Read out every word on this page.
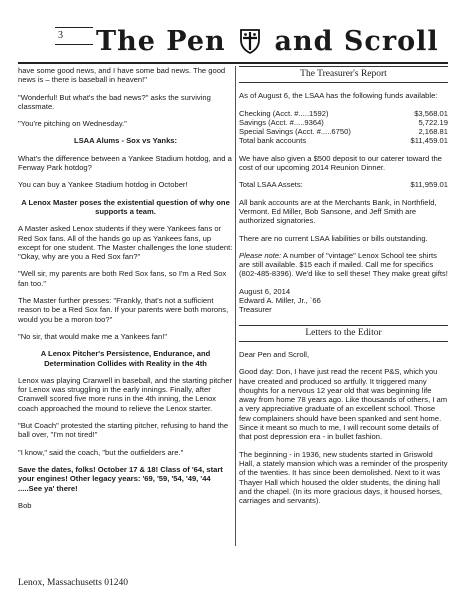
3 The Pen and Scroll

have some good news, and I have some bad news. The good news is – there is baseball in heaven!"

"Wonderful! But what's the bad news?" asks the surviving classmate.

"You're pitching on Wednesday."

LSAA Alums - Sox vs Yanks:

What's the difference between a Yankee Stadium hotdog, and a Fenway Park hotdog?

You can buy a Yankee Stadium hotdog in October!

A Lenox Master poses the existential question of why one supports a team.

A Master asked Lenox students if they were Yankees fans or Red Sox fans. All of the hands go up as Yankees fans, up except for one student. The Master challenges the lone student: "Okay, why are you a Red Sox fan?"

"Well sir, my parents are both Red Sox fans, so I'm a Red Sox fan too."

The Master further presses: "Frankly, that's not a sufficient reason to be a Red Sox fan. If your parents were both morons, would you be a moron too?"

"No sir, that would make me a Yankees fan!"

A Lenox Pitcher's Persistence, Endurance, and Determination Collides with Reality in the 4th

Lenox was playing Cranwell in baseball, and the starting pitcher for Lenox was struggling in the early innings. Finally, after Cranwell scored five more runs in the 4th inning, the Lenox coach approached the mound to relieve the Lenox starter.

"But Coach" protested the starting pitcher, refusing to hand the ball over, "I'm not tired!"

"I know," said the coach, "but the outfielders are."

Save the dates, folks! October 17 & 18! Class of '64, start your engines! Other legacy years: '69, '59, '54, '49, '44 .....See ya' there!

Bob

The Treasurer's Report

As of August 6, the LSAA has the following funds available:

Checking (Acct. #.....1592)	$3,568.01
Savings (Acct. #.....9364)	5,722.19
Special Savings (Acct. #.....6750)	2,168.81
Total bank accounts	$11,459.01

We have also given a $500 deposit to our caterer toward the cost of our upcoming 2014 Reunion Dinner.

Total LSAA Assets:	$11,959.01

All bank accounts are at the Merchants Bank, in Northfield, Vermont. Ed Miller, Bob Sansone, and Jeff Smith are authorized signatories.

There are no current LSAA liabilities or bills outstanding.

Please note: A number of "vintage" Lenox School tee shirts are still available. $15 each if mailed. Call me for specifics (802-485-8396). We'd like to sell these! They make great gifts!

August 6, 2014
Edward A. Miller, Jr., `66
Treasurer

Letters to the Editor

Dear Pen and Scroll,

Good day: Don, I have just read the recent P&S, which you have created and produced so artfully. It triggered many thoughts for a nervous 12 year old that was beginning life away from home 78 years ago. Like thousands of others, I am a very appreciative graduate of an excellent school. Those few complainers should have been spanked and sent home. Since it meant so much to me, I will recount some details of that post depression era - in bullet fashion.

The beginning - in 1936, new students started in Griswold Hall, a stately mansion which was a reminder of the prosperity of the twenties. It has since been demolished. Next to it was Thayer Hall which housed the older students, the dining hall and the chapel. (In its more gracious days, it housed horses, carriages and servants).

Lenox, Massachusetts 01240
